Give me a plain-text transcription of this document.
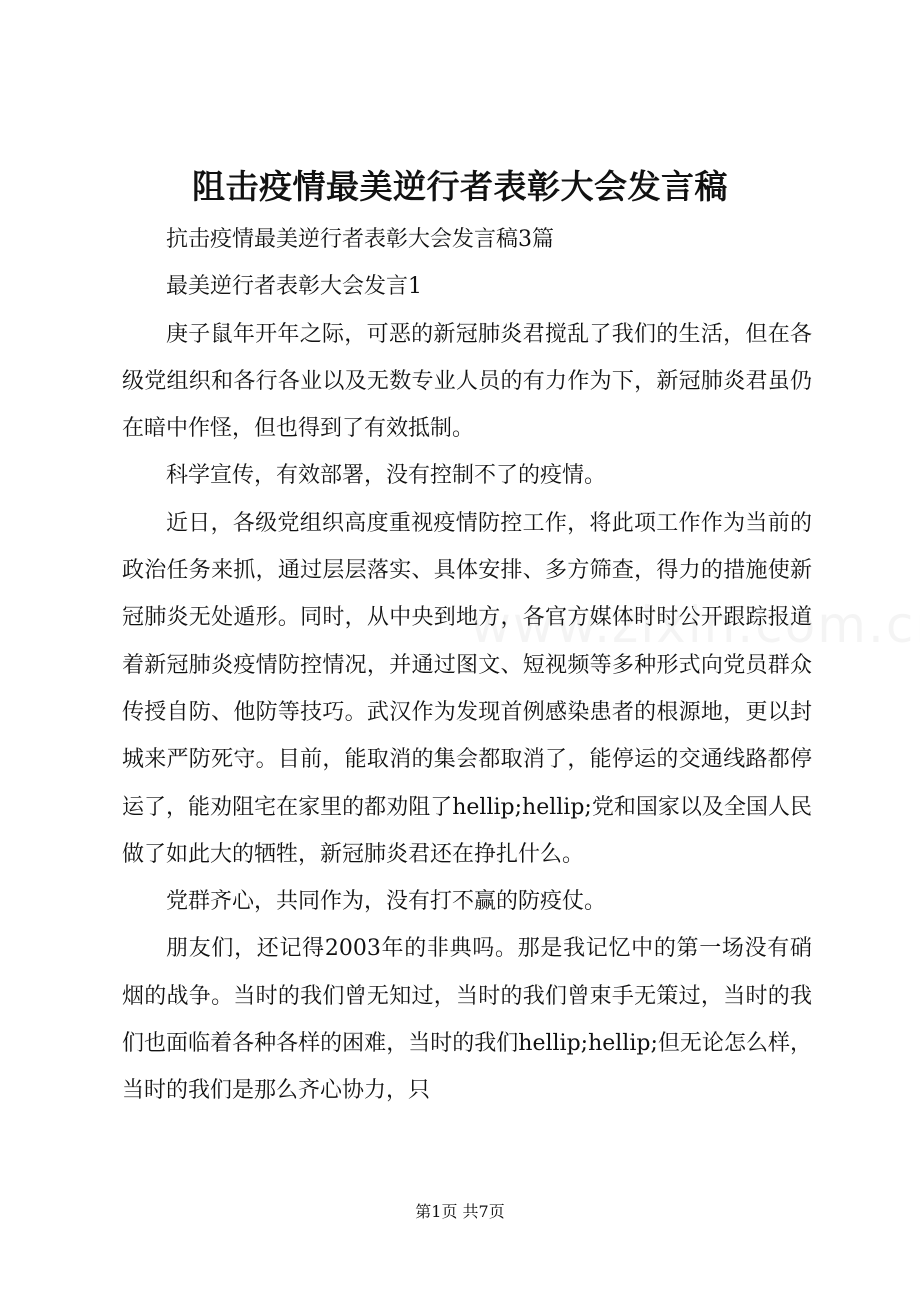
阻击疫情最美逆行者表彰大会发言稿

抗击疫情最美逆行者表彰大会发言稿3篇

最美逆行者表彰大会发言1

庚子鼠年开年之际，可恶的新冠肺炎君搅乱了我们的生活，但在各级党组织和各行各业以及无数专业人员的有力作为下，新冠肺炎君虽仍在暗中作怪，但也得到了有效抵制。

科学宣传，有效部署，没有控制不了的疫情。

近日，各级党组织高度重视疫情防控工作，将此项工作作为当前的政治任务来抓，通过层层落实、具体安排、多方筛查，得力的措施使新冠肺炎无处遁形。同时，从中央到地方，各官方媒体时时公开跟踪报道着新冠肺炎疫情防控情况，并通过图文、短视频等多种形式向党员群众传授自防、他防等技巧。武汉作为发现首例感染患者的根源地，更以封城来严防死守。目前，能取消的集会都取消了，能停运的交通线路都停运了，能劝阻宅在家里的都劝阻了hellip;hellip;党和国家以及全国人民做了如此大的牺牲，新冠肺炎君还在挣扎什么。

党群齐心，共同作为，没有打不赢的防疫仗。

朋友们，还记得2003年的非典吗。那是我记忆中的第一场没有硝烟的战争。当时的我们曾无知过，当时的我们曾束手无策过，当时的我们也面临着各种各样的困难，当时的我们hellip;hellip;但无论怎么样，当时的我们是那么齐心协力，只

第1页 共7页
